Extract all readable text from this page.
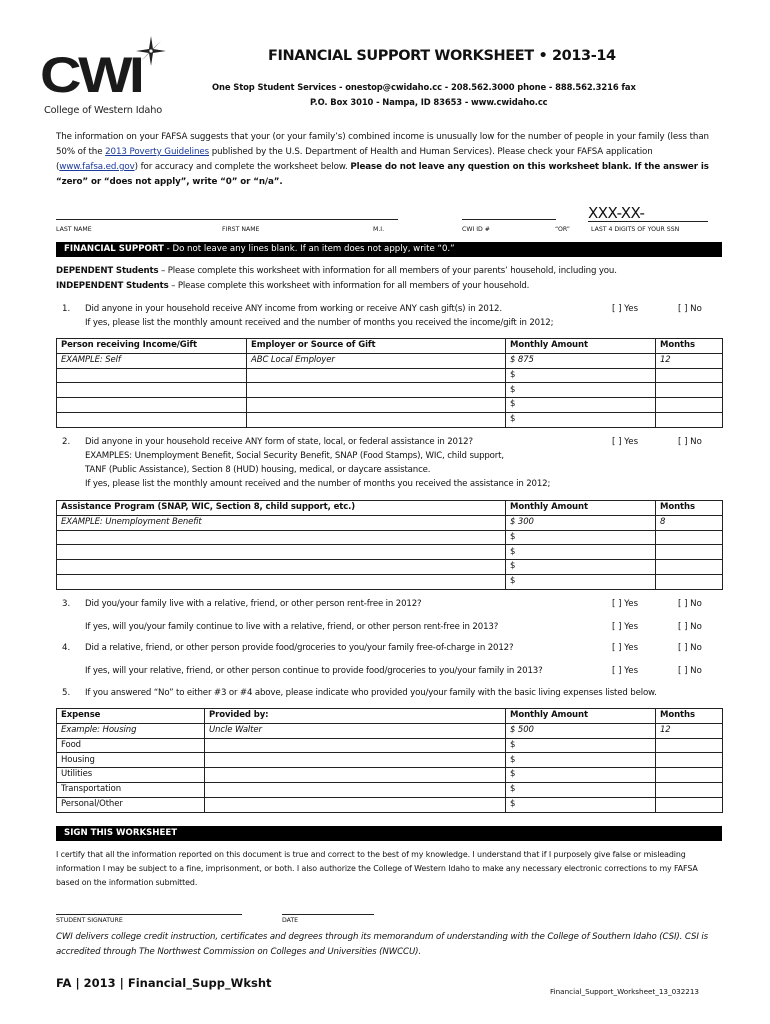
CWI
College of Western Idaho
FINANCIAL SUPPORT WORKSHEET • 2013-14
One Stop Student Services - onestop@cwidaho.cc - 208.562.3000 phone - 888.562.3216 fax
P.O. Box 3010 - Nampa, ID 83653 - www.cwidaho.cc
The information on your FAFSA suggests that your (or your family’s) combined income is unusually low for the number of people in your family (less than 50% of the 2013 Poverty Guidelines published by the U.S. Department of Health and Human Services). Please check your FAFSA application (www.fafsa.ed.gov) for accuracy and complete the worksheet below. Please do not leave any question on this worksheet blank. If the answer is “zero” or “does not apply”, write “0” or “n/a”.
XXX-XX-
LAST NAME	FIRST NAME	M.I.	CWI ID #	“OR”	LAST 4 DIGITS OF YOUR SSN
FINANCIAL SUPPORT - Do not leave any lines blank. If an item does not apply, write “0.”
DEPENDENT Students – Please complete this worksheet with information for all members of your parents’ household, including you.
INDEPENDENT Students – Please complete this worksheet with information for all members of your household.
1. Did anyone in your household receive ANY income from working or receive ANY cash gift(s) in 2012.
If yes, please list the monthly amount received and the number of months you received the income/gift in 2012;
[ ] Yes	[ ] No
Person receiving Income/Gift	Employer or Source of Gift	Monthly Amount	Months
EXAMPLE: Self	ABC Local Employer	$ 875	12
		$	
		$	
		$	
		$	
2. Did anyone in your household receive ANY form of state, local, or federal assistance in 2012?
EXAMPLES: Unemployment Benefit, Social Security Benefit, SNAP (Food Stamps), WIC, child support,
TANF (Public Assistance), Section 8 (HUD) housing, medical, or daycare assistance.
If yes, please list the monthly amount received and the number of months you received the assistance in 2012;
[ ] Yes	[ ] No
Assistance Program (SNAP, WIC, Section 8, child support, etc.)	Monthly Amount	Months
EXAMPLE: Unemployment Benefit	$ 300	8
	$	
	$	
	$	
	$	
3. Did you/your family live with a relative, friend, or other person rent-free in 2012?	[ ] Yes	[ ] No
If yes, will you/your family continue to live with a relative, friend, or other person rent-free in 2013?	[ ] Yes	[ ] No
4. Did a relative, friend, or other person provide food/groceries to you/your family free-of-charge in 2012?	[ ] Yes	[ ] No
If yes, will your relative, friend, or other person continue to provide food/groceries to you/your family in 2013?	[ ] Yes	[ ] No
5. If you answered “No” to either #3 or #4 above, please indicate who provided you/your family with the basic living expenses listed below.
Expense	Provided by:	Monthly Amount	Months
Example: Housing	Uncle Walter	$ 500	12
Food		$	
Housing		$	
Utilities		$	
Transportation		$	
Personal/Other		$	
SIGN THIS WORKSHEET
I certify that all the information reported on this document is true and correct to the best of my knowledge. I understand that if I purposely give false or misleading information I may be subject to a fine, imprisonment, or both. I also authorize the College of Western Idaho to make any necessary electronic corrections to my FAFSA based on the information submitted.
STUDENT SIGNATURE	DATE
CWI delivers college credit instruction, certificates and degrees through its memorandum of understanding with the College of Southern Idaho (CSI). CSI is accredited through The Northwest Commission on Colleges and Universities (NWCCU).
FA | 2013 | Financial_Supp_Wksht
Financial_Support_Worksheet_13_032213
